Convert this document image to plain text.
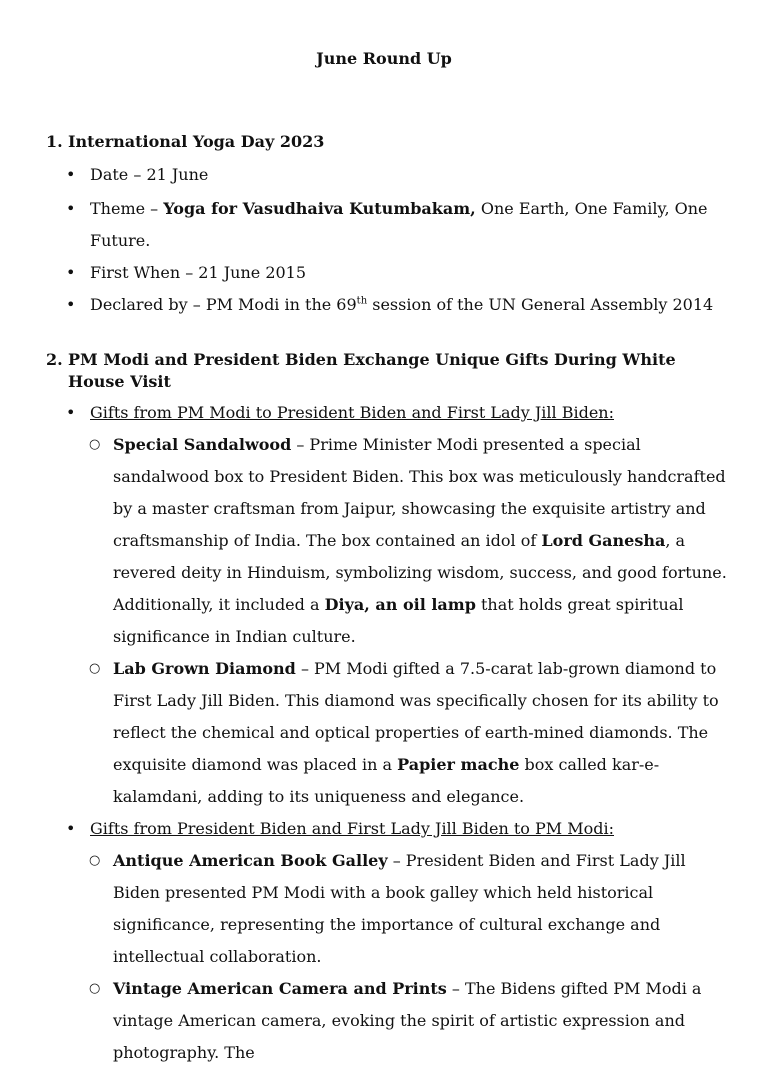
June Round Up
1. International Yoga Day 2023
• Date – 21 June
• Theme – Yoga for Vasudhaiva Kutumbakam, One Earth, One Family, One Future.
• First When – 21 June 2015
• Declared by – PM Modi in the 69th session of the UN General Assembly 2014
2. PM Modi and President Biden Exchange Unique Gifts During White House Visit
• Gifts from PM Modi to President Biden and First Lady Jill Biden:
○ Special Sandalwood – Prime Minister Modi presented a special sandalwood box to President Biden. This box was meticulously handcrafted by a master craftsman from Jaipur, showcasing the exquisite artistry and craftsmanship of India. The box contained an idol of Lord Ganesha, a revered deity in Hinduism, symbolizing wisdom, success, and good fortune. Additionally, it included a Diya, an oil lamp that holds great spiritual significance in Indian culture.
○ Lab Grown Diamond – PM Modi gifted a 7.5-carat lab-grown diamond to First Lady Jill Biden. This diamond was specifically chosen for its ability to reflect the chemical and optical properties of earth-mined diamonds. The exquisite diamond was placed in a Papier mache box called kar-e-kalamdani, adding to its uniqueness and elegance.
• Gifts from President Biden and First Lady Jill Biden to PM Modi:
○ Antique American Book Galley – President Biden and First Lady Jill Biden presented PM Modi with a book galley which held historical significance, representing the importance of cultural exchange and intellectual collaboration.
○ Vintage American Camera and Prints – The Bidens gifted PM Modi a vintage American camera, evoking the spirit of artistic expression and photography. The
